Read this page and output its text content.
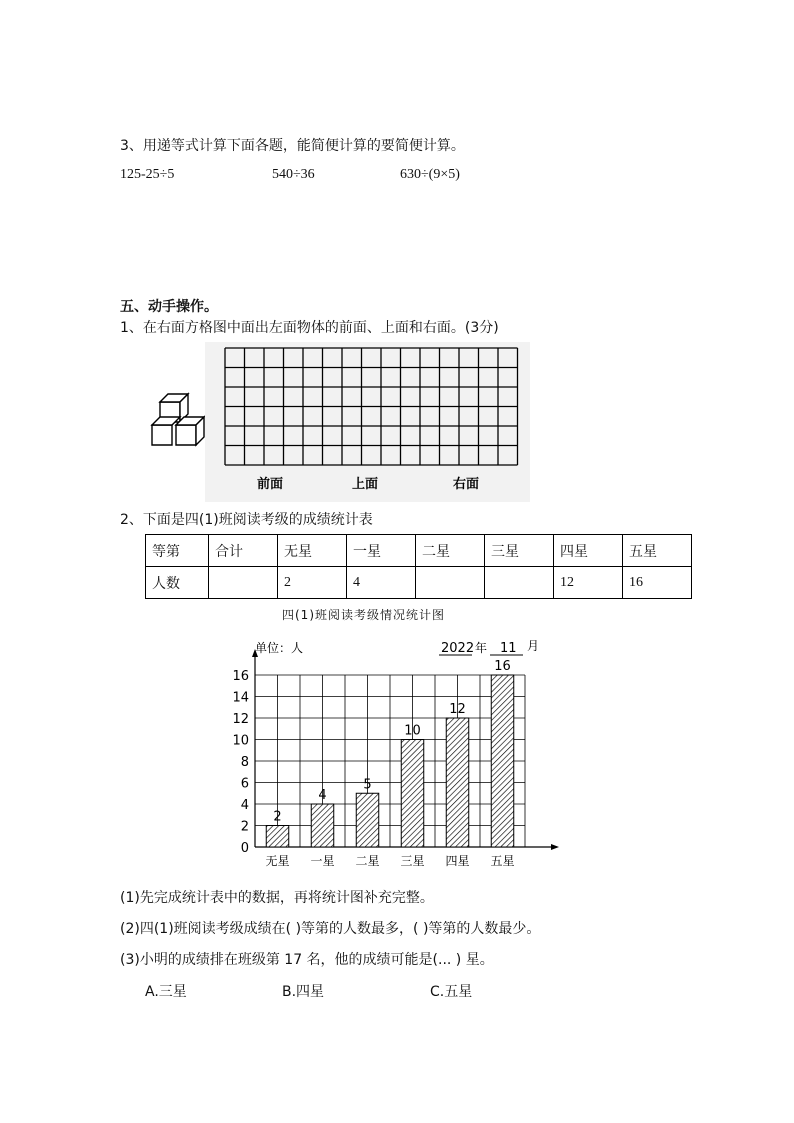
3、用递等式计算下面各题，能简便计算的要简便计算。
125-25÷5	540÷36	630÷(9×5)
五、动手操作。
1、在右面方格图中面出左面物体的前面、上面和右面。(3分)
前面	上面	右面
2、下面是四(1)班阅读考级的成绩统计表
等第	合计	无星	一星	二星	三星	四星	五星
人数		2	4			12	16
四(1)班阅读考级情况统计图
2
4
5
10
12
16
0
2
4
6
8
10
12
14
16
无星 一星 二星 三星 四星 五星
单位：人	2022 年 11 月
(1)先完成统计表中的数据，再将统计图补充完整。
(2)四(1)班阅读考级成绩在( )等第的人数最多，( )等第的人数最少。
(3)小明的成绩排在班级第 17 名，他的成绩可能是(... ) 星。
A.三星	B.四星	C.五星
